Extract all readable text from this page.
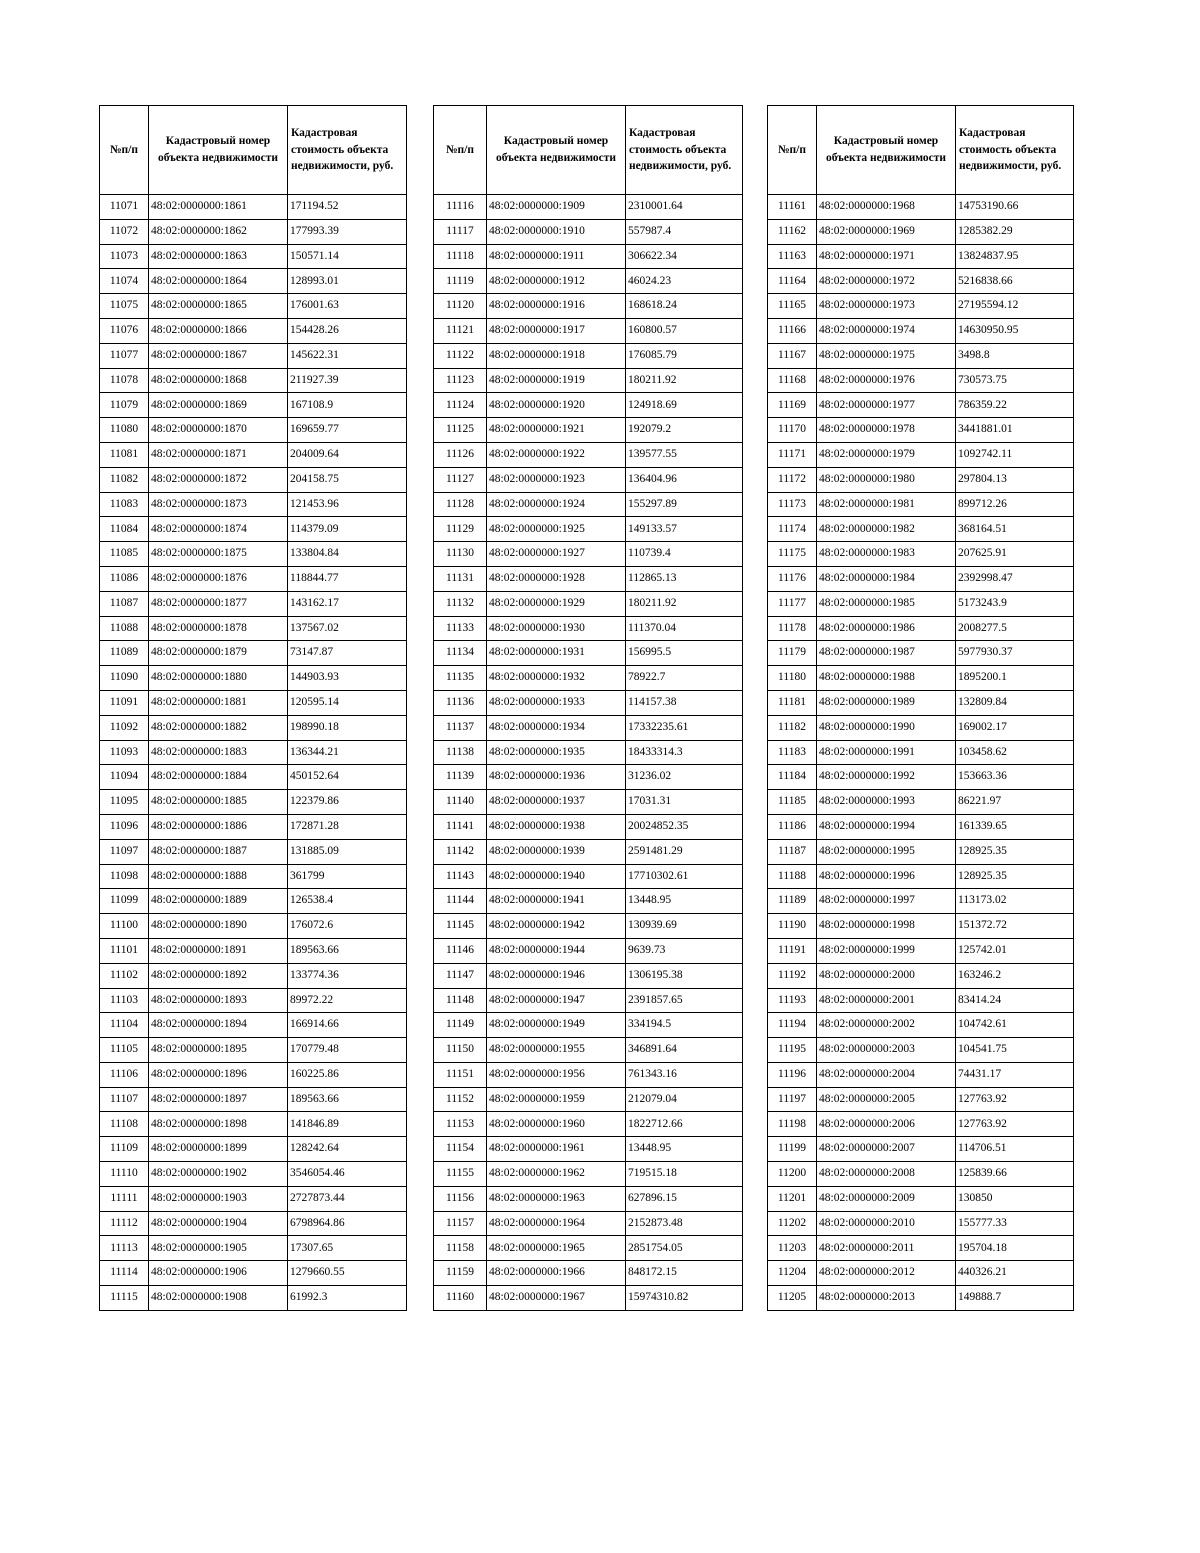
№п/п	Кадастровый номер объекта недвижимости	Кадастровая стоимость объекта недвижимости, руб.
11071	48:02:0000000:1861	171194.52
11072	48:02:0000000:1862	177993.39
11073	48:02:0000000:1863	150571.14
11074	48:02:0000000:1864	128993.01
11075	48:02:0000000:1865	176001.63
11076	48:02:0000000:1866	154428.26
11077	48:02:0000000:1867	145622.31
11078	48:02:0000000:1868	211927.39
11079	48:02:0000000:1869	167108.9
11080	48:02:0000000:1870	169659.77
11081	48:02:0000000:1871	204009.64
11082	48:02:0000000:1872	204158.75
11083	48:02:0000000:1873	121453.96
11084	48:02:0000000:1874	114379.09
11085	48:02:0000000:1875	133804.84
11086	48:02:0000000:1876	118844.77
11087	48:02:0000000:1877	143162.17
11088	48:02:0000000:1878	137567.02
11089	48:02:0000000:1879	73147.87
11090	48:02:0000000:1880	144903.93
11091	48:02:0000000:1881	120595.14
11092	48:02:0000000:1882	198990.18
11093	48:02:0000000:1883	136344.21
11094	48:02:0000000:1884	450152.64
11095	48:02:0000000:1885	122379.86
11096	48:02:0000000:1886	172871.28
11097	48:02:0000000:1887	131885.09
11098	48:02:0000000:1888	361799
11099	48:02:0000000:1889	126538.4
11100	48:02:0000000:1890	176072.6
11101	48:02:0000000:1891	189563.66
11102	48:02:0000000:1892	133774.36
11103	48:02:0000000:1893	89972.22
11104	48:02:0000000:1894	166914.66
11105	48:02:0000000:1895	170779.48
11106	48:02:0000000:1896	160225.86
11107	48:02:0000000:1897	189563.66
11108	48:02:0000000:1898	141846.89
11109	48:02:0000000:1899	128242.64
11110	48:02:0000000:1902	3546054.46
11111	48:02:0000000:1903	2727873.44
11112	48:02:0000000:1904	6798964.86
11113	48:02:0000000:1905	17307.65
11114	48:02:0000000:1906	1279660.55
11115	48:02:0000000:1908	61992.3
№п/п	Кадастровый номер объекта недвижимости	Кадастровая стоимость объекта недвижимости, руб.
11116	48:02:0000000:1909	2310001.64
11117	48:02:0000000:1910	557987.4
11118	48:02:0000000:1911	306622.34
11119	48:02:0000000:1912	46024.23
11120	48:02:0000000:1916	168618.24
11121	48:02:0000000:1917	160800.57
11122	48:02:0000000:1918	176085.79
11123	48:02:0000000:1919	180211.92
11124	48:02:0000000:1920	124918.69
11125	48:02:0000000:1921	192079.2
11126	48:02:0000000:1922	139577.55
11127	48:02:0000000:1923	136404.96
11128	48:02:0000000:1924	155297.89
11129	48:02:0000000:1925	149133.57
11130	48:02:0000000:1927	110739.4
11131	48:02:0000000:1928	112865.13
11132	48:02:0000000:1929	180211.92
11133	48:02:0000000:1930	111370.04
11134	48:02:0000000:1931	156995.5
11135	48:02:0000000:1932	78922.7
11136	48:02:0000000:1933	114157.38
11137	48:02:0000000:1934	17332235.61
11138	48:02:0000000:1935	18433314.3
11139	48:02:0000000:1936	31236.02
11140	48:02:0000000:1937	17031.31
11141	48:02:0000000:1938	20024852.35
11142	48:02:0000000:1939	2591481.29
11143	48:02:0000000:1940	17710302.61
11144	48:02:0000000:1941	13448.95
11145	48:02:0000000:1942	130939.69
11146	48:02:0000000:1944	9639.73
11147	48:02:0000000:1946	1306195.38
11148	48:02:0000000:1947	2391857.65
11149	48:02:0000000:1949	334194.5
11150	48:02:0000000:1955	346891.64
11151	48:02:0000000:1956	761343.16
11152	48:02:0000000:1959	212079.04
11153	48:02:0000000:1960	1822712.66
11154	48:02:0000000:1961	13448.95
11155	48:02:0000000:1962	719515.18
11156	48:02:0000000:1963	627896.15
11157	48:02:0000000:1964	2152873.48
11158	48:02:0000000:1965	2851754.05
11159	48:02:0000000:1966	848172.15
11160	48:02:0000000:1967	15974310.82
№п/п	Кадастровый номер объекта недвижимости	Кадастровая стоимость объекта недвижимости, руб.
11161	48:02:0000000:1968	14753190.66
11162	48:02:0000000:1969	1285382.29
11163	48:02:0000000:1971	13824837.95
11164	48:02:0000000:1972	5216838.66
11165	48:02:0000000:1973	27195594.12
11166	48:02:0000000:1974	14630950.95
11167	48:02:0000000:1975	3498.8
11168	48:02:0000000:1976	730573.75
11169	48:02:0000000:1977	786359.22
11170	48:02:0000000:1978	3441881.01
11171	48:02:0000000:1979	1092742.11
11172	48:02:0000000:1980	297804.13
11173	48:02:0000000:1981	899712.26
11174	48:02:0000000:1982	368164.51
11175	48:02:0000000:1983	207625.91
11176	48:02:0000000:1984	2392998.47
11177	48:02:0000000:1985	5173243.9
11178	48:02:0000000:1986	2008277.5
11179	48:02:0000000:1987	5977930.37
11180	48:02:0000000:1988	1895200.1
11181	48:02:0000000:1989	132809.84
11182	48:02:0000000:1990	169002.17
11183	48:02:0000000:1991	103458.62
11184	48:02:0000000:1992	153663.36
11185	48:02:0000000:1993	86221.97
11186	48:02:0000000:1994	161339.65
11187	48:02:0000000:1995	128925.35
11188	48:02:0000000:1996	128925.35
11189	48:02:0000000:1997	113173.02
11190	48:02:0000000:1998	151372.72
11191	48:02:0000000:1999	125742.01
11192	48:02:0000000:2000	163246.2
11193	48:02:0000000:2001	83414.24
11194	48:02:0000000:2002	104742.61
11195	48:02:0000000:2003	104541.75
11196	48:02:0000000:2004	74431.17
11197	48:02:0000000:2005	127763.92
11198	48:02:0000000:2006	127763.92
11199	48:02:0000000:2007	114706.51
11200	48:02:0000000:2008	125839.66
11201	48:02:0000000:2009	130850
11202	48:02:0000000:2010	155777.33
11203	48:02:0000000:2011	195704.18
11204	48:02:0000000:2012	440326.21
11205	48:02:0000000:2013	149888.7
